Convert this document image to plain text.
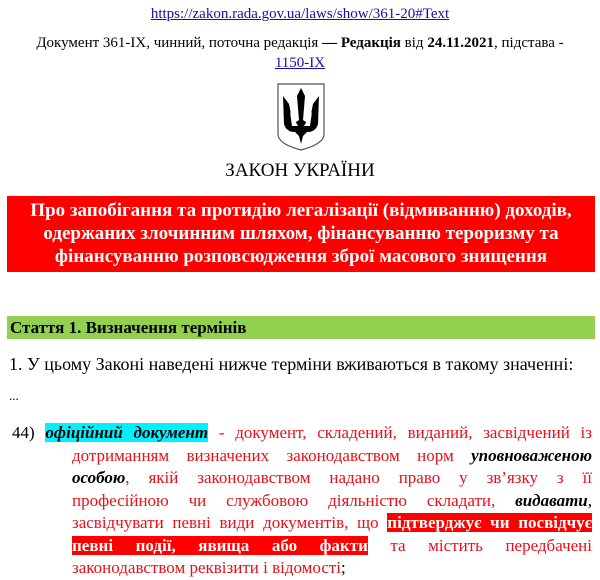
https://zakon.rada.gov.ua/laws/show/361-20#Text
Документ 361-IX, чинний, поточна редакція — Редакція від 24.11.2021, підстава -
1150-IX
ЗАКОН УКРАЇНИ
Про запобігання та протидію легалізації (відмиванню) доходів, одержаних злочинним шляхом, фінансуванню тероризму та фінансуванню розповсюдження зброї масового знищення
Стаття 1. Визначення термінів
1. У цьому Законі наведені нижче терміни вживаються в такому значенні:
...
44) офіційний документ - документ, складений, виданий, засвідчений із
дотриманням визначених законодавством норм уповноваженою
особою, якій законодавством надано право у зв’язку з її
професійною чи службовою діяльністю складати, видавати,
засвідчувати певні види документів, що підтверджує чи посвідчує
певні події, явища або факти та містить передбачені
законодавством реквізити і відомості;
